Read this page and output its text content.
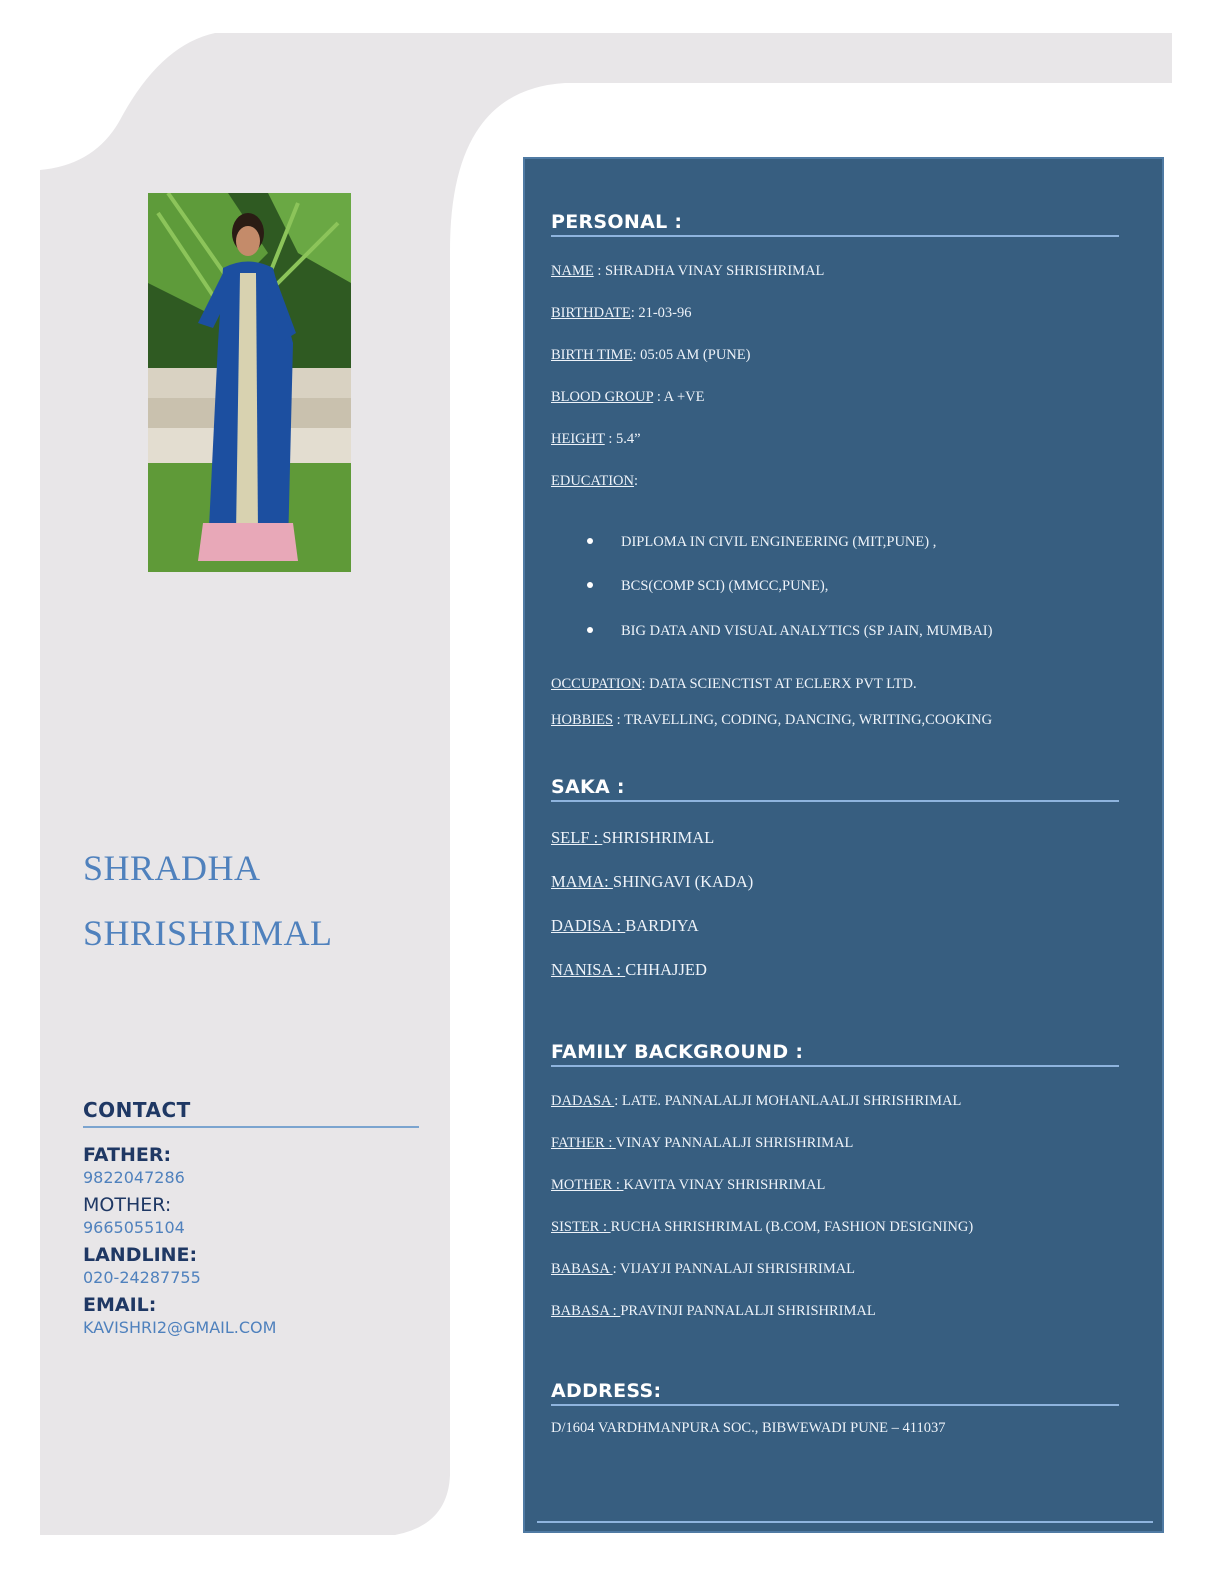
SHRADHA
SHRISHRIMAL
CONTACT
FATHER:
9822047286
MOTHER:
9665055104
LANDLINE:
020-24287755
EMAIL:
KAVISHRI2@GMAIL.COM
PERSONAL :
NAME : SHRADHA VINAY SHRISHRIMAL
BIRTHDATE: 21-03-96
BIRTH TIME: 05:05 AM (PUNE)
BLOOD GROUP : A +VE
HEIGHT : 5.4”
EDUCATION:
DIPLOMA IN CIVIL ENGINEERING (MIT,PUNE) ,
BCS(COMP SCI) (MMCC,PUNE),
BIG DATA AND VISUAL ANALYTICS (SP JAIN, MUMBAI)
OCCUPATION: DATA SCIENCTIST AT ECLERX PVT LTD.
HOBBIES : TRAVELLING, CODING, DANCING, WRITING,COOKING
SAKA :
SELF : SHRISHRIMAL
MAMA: SHINGAVI (KADA)
DADISA : BARDIYA
NANISA : CHHAJJED
FAMILY BACKGROUND :
DADASA : LATE. PANNALALJI MOHANLAALJI SHRISHRIMAL
FATHER : VINAY PANNALALJI SHRISHRIMAL
MOTHER : KAVITA VINAY SHRISHRIMAL
SISTER : RUCHA SHRISHRIMAL (B.COM, FASHION DESIGNING)
BABASA : VIJAYJI PANNALAJI SHRISHRIMAL
BABASA : PRAVINJI PANNALALJI SHRISHRIMAL
ADDRESS:
D/1604 VARDHMANPURA SOC., BIBWEWADI PUNE – 411037
